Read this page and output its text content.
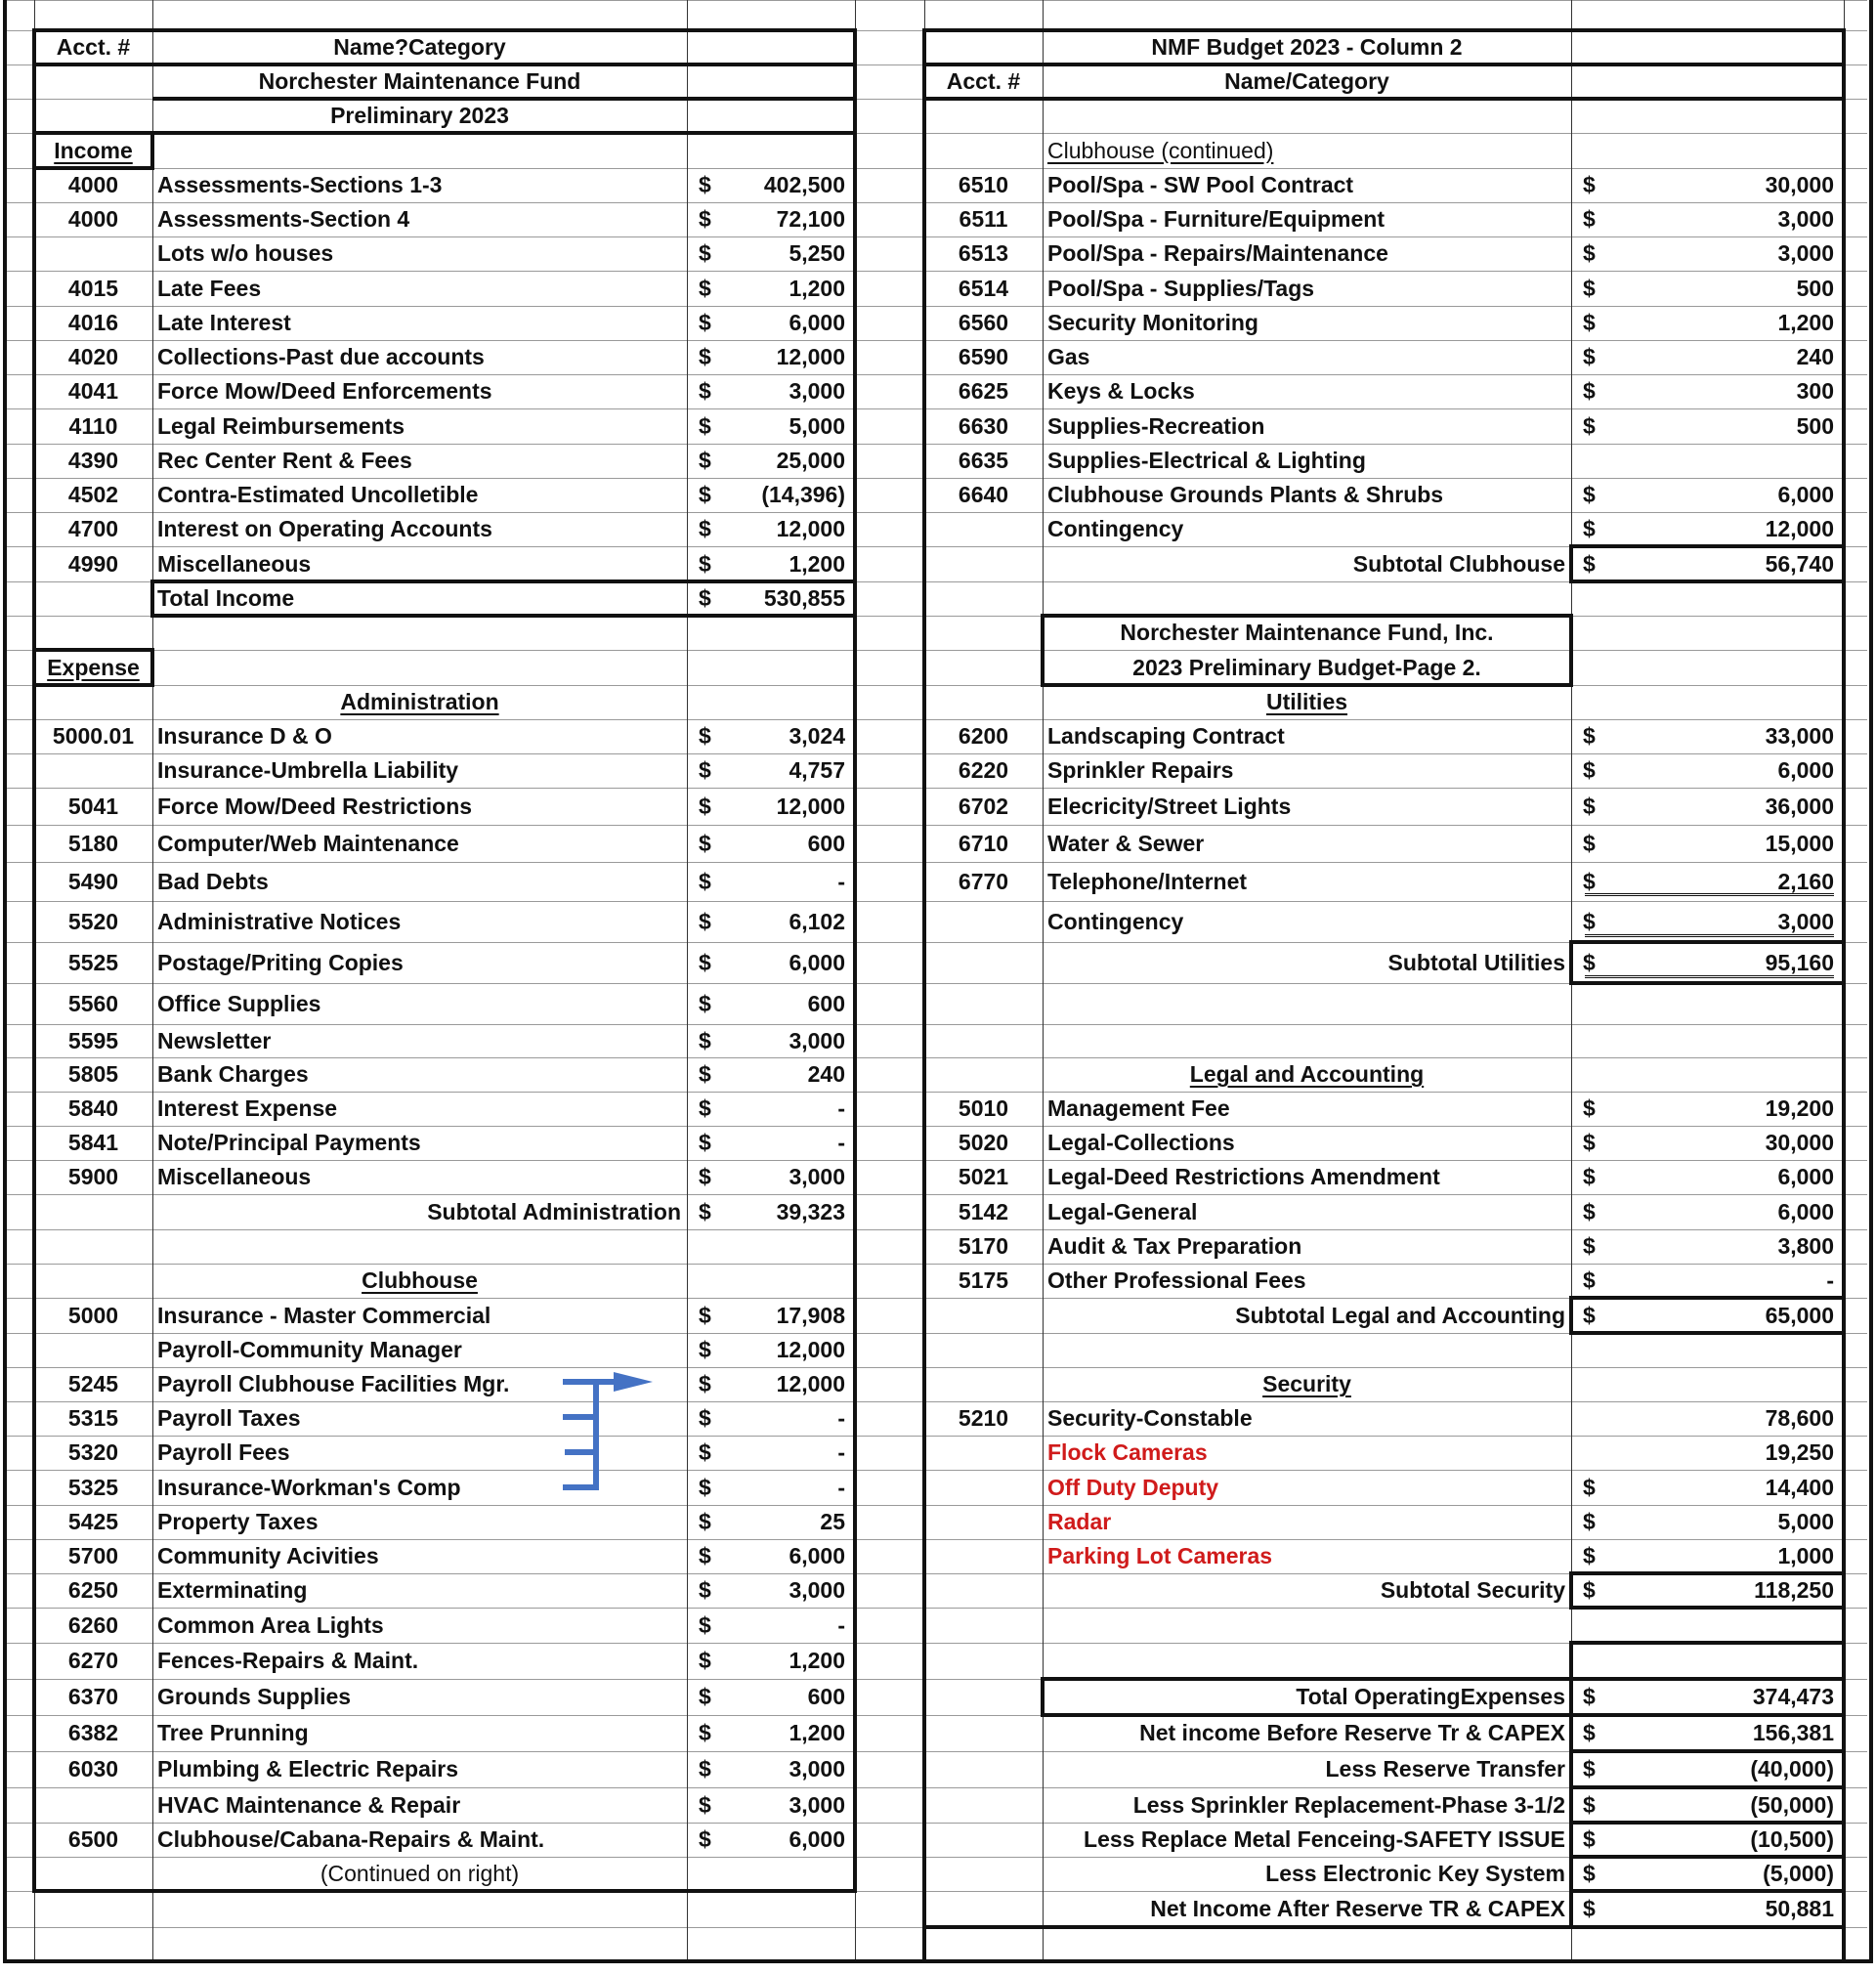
Acct. #	Name?Category
Norchester Maintenance Fund
Preliminary 2023
Income
4000 Assessments-Sections 1-3	$ 402,500
4000 Assessments-Section 4	$	72,100
Lots w/o houses	$	5,250
4015 Late Fees	$	1,200
4016 Late Interest	$	6,000
4020 Collections-Past due accounts	$	12,000
4041 Force Mow/Deed Enforcements	$	3,000
4110 Legal Reimbursements	$	5,000
4390 Rec Center Rent & Fees	$	25,000
4502 Contra-Estimated Uncolletible	$ (14,396)
4700 Interest on Operating Accounts	$	12,000
4990 Miscellaneous	$	1,200
Total Income	$ 530,855
Expense
Administration
5000.01 Insurance D & O	$	3,024
Insurance-Umbrella Liability	$	4,757
5041 Force Mow/Deed Restrictions	$	12,000
5180 Computer/Web Maintenance	$	600
5490 Bad Debts	$	-
5520 Administrative Notices	$	6,102
5525 Postage/Priting Copies	$	6,000
5560 Office Supplies	$	600
5595 Newsletter	$	3,000
5805 Bank Charges	$	240
5840 Interest Expense	$	-
5841 Note/Principal Payments	$	-
5900 Miscellaneous	$	3,000
Subtotal Administration $	39,323
Clubhouse
5000 Insurance - Master Commercial	$	17,908
Payroll-Community Manager	$	12,000
5245 Payroll Clubhouse Facilities Mgr.	$	12,000
5315 Payroll Taxes	$	-
5320 Payroll Fees	$	-
5325 Insurance-Workman's Comp	$	-
5425 Property Taxes	$	25
5700 Community Acivities	$	6,000
6250 Exterminating	$	3,000
6260 Common Area Lights	$	-
6270 Fences-Repairs & Maint.	$	1,200
6370 Grounds Supplies	$	600
6382 Tree Prunning	$	1,200
6030 Plumbing & Electric Repairs	$	3,000
HVAC Maintenance & Repair	$	3,000
6500 Clubhouse/Cabana-Repairs & Maint.	$	6,000
(Continued on right)
NMF Budget 2023 - Column 2
Acct. #	Name/Category
Clubhouse (continued)
6510 Pool/Spa - SW Pool Contract	$	30,000
6511 Pool/Spa - Furniture/Equipment	$	3,000
6513 Pool/Spa - Repairs/Maintenance	$	3,000
6514 Pool/Spa - Supplies/Tags	$	500
6560 Security Monitoring	$	1,200
6590 Gas	$	240
6625 Keys & Locks	$	300
6630 Supplies-Recreation	$	500
6635 Supplies-Electrical & Lighting
6640 Clubhouse Grounds Plants & Shrubs	$	6,000
Contingency	$	12,000
Subtotal Clubhouse $	56,740
Norchester Maintenance Fund, Inc.
2023 Preliminary Budget-Page 2.
Utilities
6200 Landscaping Contract	$	33,000
6220 Sprinkler Repairs	$	6,000
6702 Elecricity/Street Lights	$	36,000
6710 Water & Sewer	$	15,000
6770 Telephone/Internet	$	2,160
Contingency	$	3,000
Subtotal Utilities $	95,160
Legal and Accounting
5010 Management Fee	$	19,200
5020 Legal-Collections	$	30,000
5021 Legal-Deed Restrictions Amendment	$	6,000
5142 Legal-General	$	6,000
5170 Audit & Tax Preparation	$	3,800
5175 Other Professional Fees	$	-
Subtotal Legal and Accounting $	65,000
Security
5210 Security-Constable	78,600
Flock Cameras	19,250
Off Duty Deputy	$	14,400
Radar	$	5,000
Parking Lot Cameras	$	1,000
Subtotal Security $	118,250
Total OperatingExpenses $	374,473
Net income Before Reserve Tr & CAPEX $	156,381
Less Reserve Transfer $	(40,000)
Less Sprinkler Replacement-Phase 3-1/2 $	(50,000)
Less Replace Metal Fenceing-SAFETY ISSUE $	(10,500)
Less Electronic Key System $	(5,000)
Net Income After Reserve TR & CAPEX $	50,881
